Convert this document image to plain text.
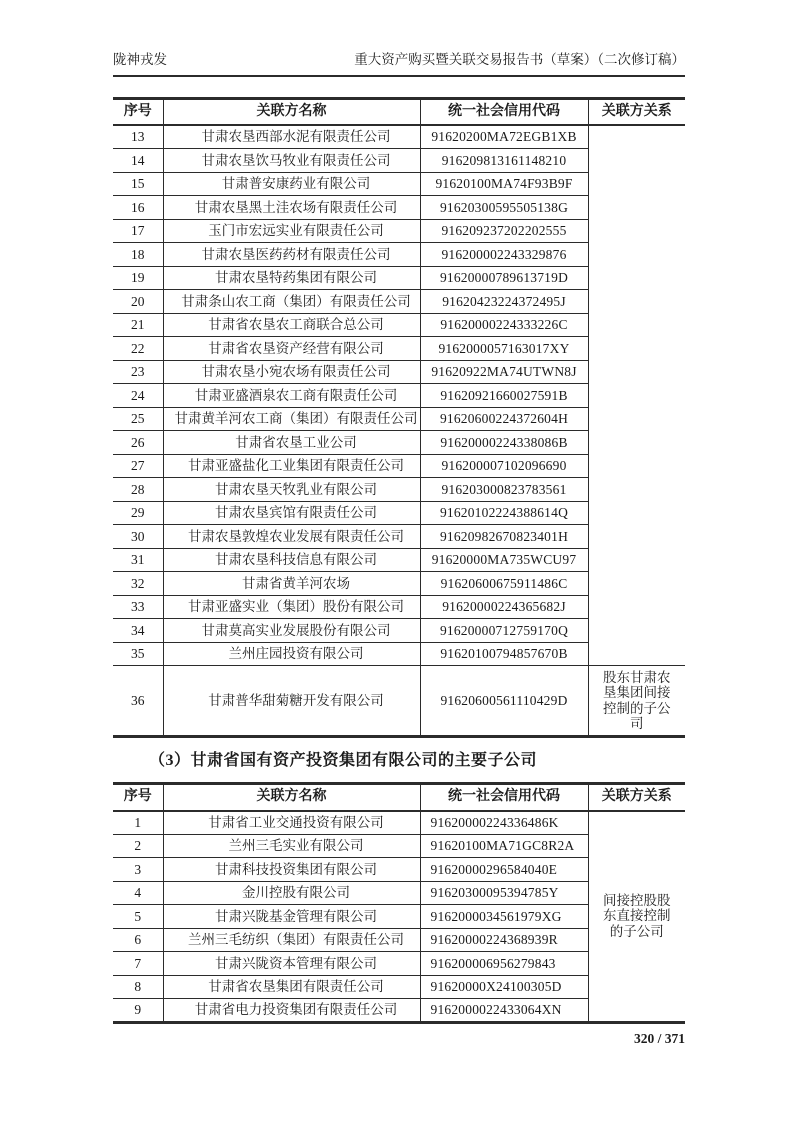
陇神戎发	重大资产购买暨关联交易报告书（草案）（二次修订稿）
序号	关联方名称	统一社会信用代码	关联方关系
13	甘肃农垦西部水泥有限责任公司	91620200MA72EGB1XB	
14	甘肃农垦饮马牧业有限责任公司	916209813161148210	
15	甘肃普安康药业有限公司	91620100MA74F93B9F	
16	甘肃农垦黑土洼农场有限责任公司	91620300595505138G	
17	玉门市宏远实业有限责任公司	916209237202202555	
18	甘肃农垦医药药材有限责任公司	916200002243329876	
19	甘肃农垦特药集团有限公司	91620000789613719D	
20	甘肃条山农工商（集团）有限责任公司	91620423224372495J	
21	甘肃省农垦农工商联合总公司	91620000224333226C	
22	甘肃省农垦资产经营有限公司	9162000057163017XY	
23	甘肃农垦小宛农场有限责任公司	91620922MA74UTWN8J	
24	甘肃亚盛酒泉农工商有限责任公司	91620921660027591B	
25	甘肃黄羊河农工商（集团）有限责任公司	91620600224372604H	
26	甘肃省农垦工业公司	91620000224338086B	
27	甘肃亚盛盐化工业集团有限责任公司	916200007102096690	
28	甘肃农垦天牧乳业有限公司	916203000823783561	
29	甘肃农垦宾馆有限责任公司	91620102224388614Q	
30	甘肃农垦敦煌农业发展有限责任公司	91620982670823401H	
31	甘肃农垦科技信息有限公司	91620000MA735WCU97	
32	甘肃省黄羊河农场	91620600675911486C	
33	甘肃亚盛实业（集团）股份有限公司	91620000224365682J	
34	甘肃莫高实业发展股份有限公司	91620000712759170Q	
35	兰州庄园投资有限公司	91620100794857670B	
36	甘肃普华甜菊糖开发有限公司	91620600561110429D	股东甘肃农垦集团间接控制的子公司
（3）甘肃省国有资产投资集团有限公司的主要子公司
序号	关联方名称	统一社会信用代码	关联方关系
1	甘肃省工业交通投资有限公司	91620000224336486K	间接控股股东直接控制的子公司
2	兰州三毛实业有限公司	91620100MA71GC8R2A	
3	甘肃科技投资集团有限公司	91620000296584040E	
4	金川控股有限公司	91620300095394785Y	
5	甘肃兴陇基金管理有限公司	9162000034561979XG	
6	兰州三毛纺织（集团）有限责任公司	91620000224368939R	
7	甘肃兴陇资本管理有限公司	916200006956279843	
8	甘肃省农垦集团有限责任公司	91620000X24100305D	
9	甘肃省电力投资集团有限责任公司	9162000022433064XN	
320 / 371
